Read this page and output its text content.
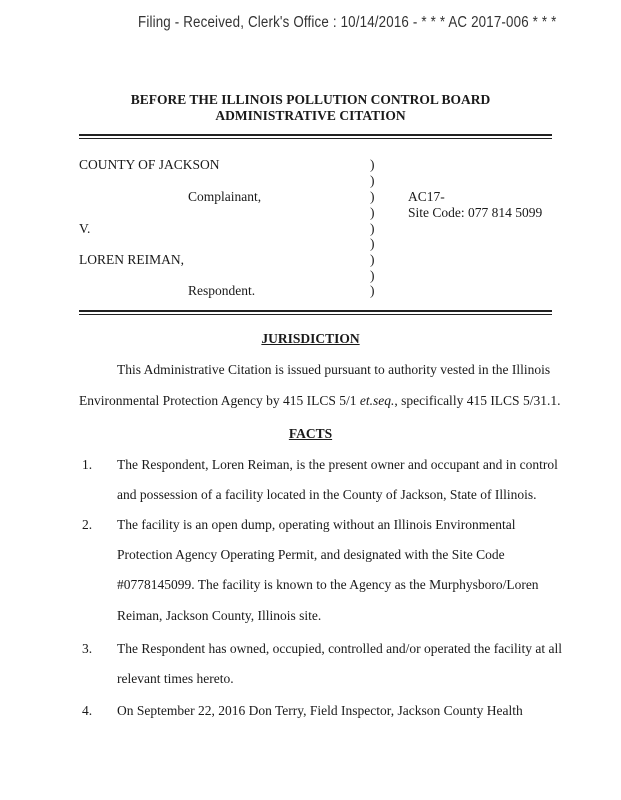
Filing - Received, Clerk's Office : 10/14/2016 - * * * AC 2017-006 * * *
BEFORE THE ILLINOIS POLLUTION CONTROL BOARD
ADMINISTRATIVE CITATION
COUNTY OF JACKSON
Complainant,
V.
LOREN REIMAN,
Respondent.
)
)
)
)
)
)
)
)
)
AC17-
Site Code: 077 814 5099
JURISDICTION
This Administrative Citation is issued pursuant to authority vested in the Illinois
Environmental Protection Agency by 415 ILCS 5/1 et.seq., specifically 415 ILCS 5/31.1.
FACTS
1. The Respondent, Loren Reiman, is the present owner and occupant and in control
and possession of a facility located in the County of Jackson, State of Illinois.
2. The facility is an open dump, operating without an Illinois Environmental
Protection Agency Operating Permit, and designated with the Site Code
#0778145099. The facility is known to the Agency as the Murphysboro/Loren
Reiman, Jackson County, Illinois site.
3. The Respondent has owned, occupied, controlled and/or operated the facility at all
relevant times hereto.
4. On September 22, 2016 Don Terry, Field Inspector, Jackson County Health
